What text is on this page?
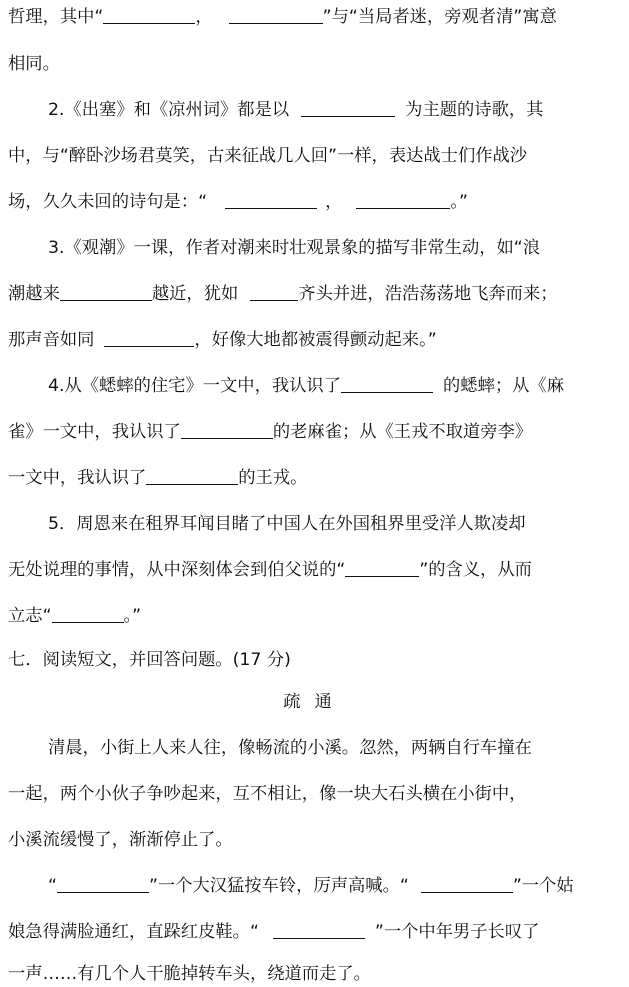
哲理，其中“	，	”与“当局者迷，旁观者清”寓意
相同。
2.《出塞》和《凉州词》都是以	为主题的诗歌，其
中，与“醉卧沙场君莫笑，古来征战几人回”一样，表达战士们作战沙
场，久久未回的诗句是：“	，	。”
3.《观潮》一课，作者对潮来时壮观景象的描写非常生动，如“浪
潮越来	越近，犹如	齐头并进，浩浩荡荡地飞奔而来；
那声音如同	，好像大地都被震得颤动起来。”
4.从《蟋蟀的住宅》一文中，我认识了	的蟋蟀；从《麻
雀》一文中，我认识了	的老麻雀；从《王戎不取道旁李》
一文中，我认识了	的王戎。
5．周恩来在租界耳闻目睹了中国人在外国租界里受洋人欺凌却
无处说理的事情，从中深刻体会到伯父说的“	”的含义，从而
立志“	。”
七．阅读短文，并回答问题。(17 分)
疏通
清晨，小街上人来人往，像畅流的小溪。忽然，两辆自行车撞在
一起，两个小伙子争吵起来，互不相让，像一块大石头横在小街中，
小溪流缓慢了，渐渐停止了。
“	”一个大汉猛按车铃，厉声高喊。“	”一个姑
娘急得满脸通红，直跺红皮鞋。“	”一个中年男子长叹了
一声……有几个人干脆掉转车头，绕道而走了。
